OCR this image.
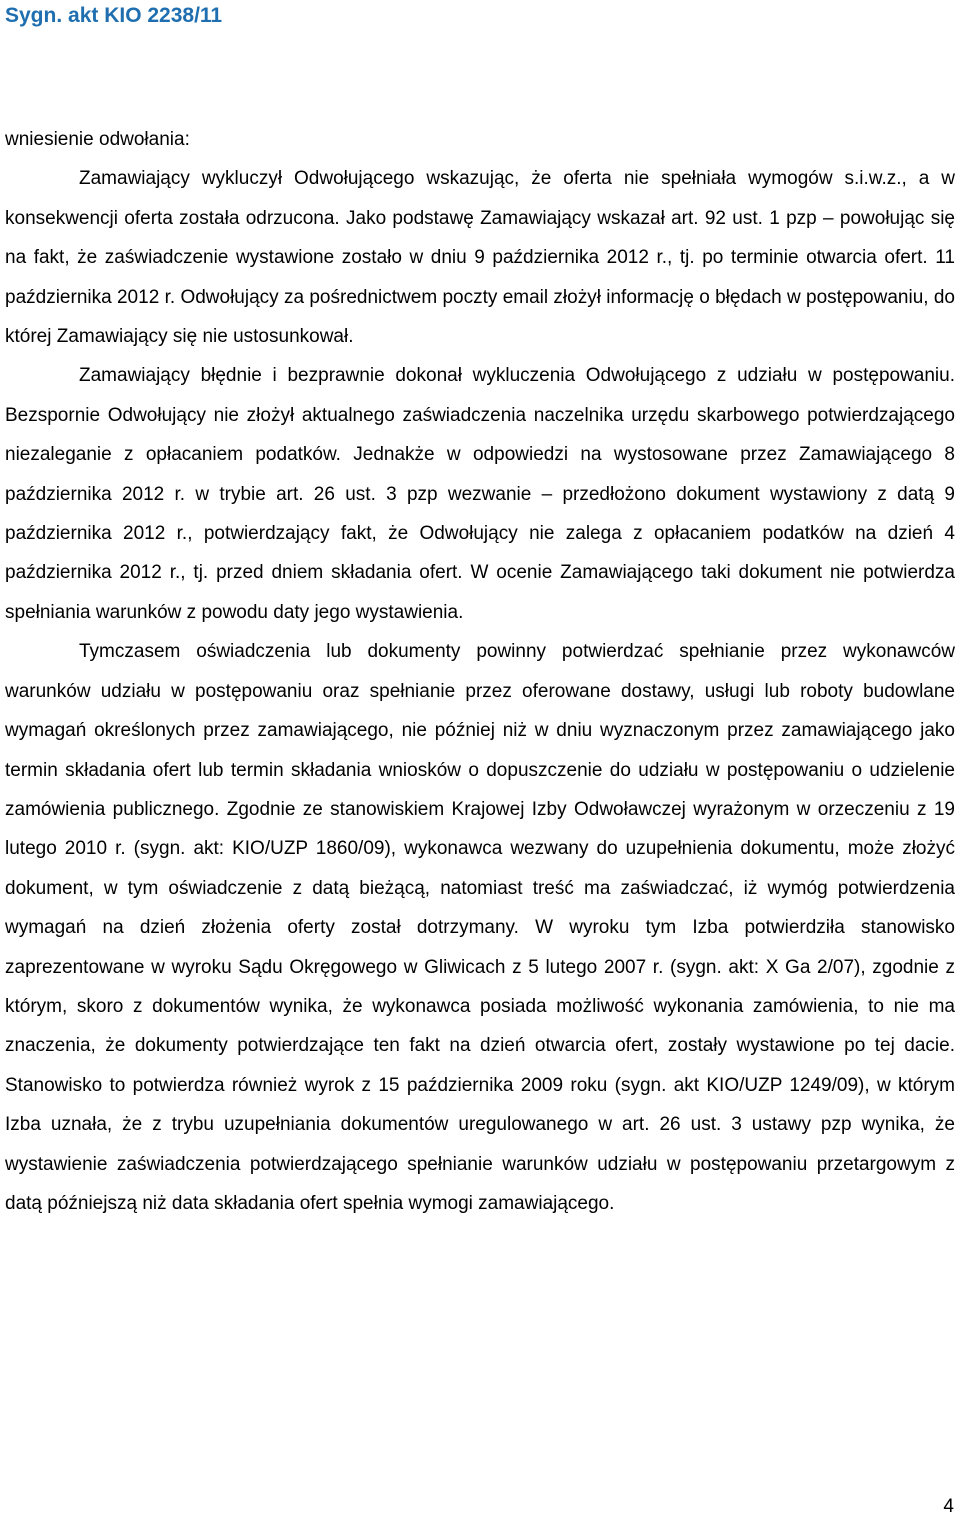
Sygn. akt KIO 2238/11

wniesienie odwołania:

Zamawiający wykluczył Odwołującego wskazując, że oferta nie spełniała wymogów s.i.w.z., a w konsekwencji oferta została odrzucona. Jako podstawę Zamawiający wskazał art. 92 ust. 1 pzp – powołując się na fakt, że zaświadczenie wystawione zostało w dniu 9 października 2012 r., tj. po terminie otwarcia ofert. 11 października 2012 r. Odwołujący za pośrednictwem poczty email złożył informację o błędach w postępowaniu, do której Zamawiający się nie ustosunkował.

Zamawiający błędnie i bezprawnie dokonał wykluczenia Odwołującego z udziału w postępowaniu. Bezspornie Odwołujący nie złożył aktualnego zaświadczenia naczelnika urzędu skarbowego potwierdzającego niezaleganie z opłacaniem podatków. Jednakże w odpowiedzi na wystosowane przez Zamawiającego 8 października 2012 r. w trybie art. 26 ust. 3 pzp wezwanie – przedłożono dokument wystawiony z datą 9 października 2012 r., potwierdzający fakt, że Odwołujący nie zalega z opłacaniem podatków na dzień 4 października 2012 r., tj. przed dniem składania ofert. W ocenie Zamawiającego taki dokument nie potwierdza spełniania warunków z powodu daty jego wystawienia.

Tymczasem oświadczenia lub dokumenty powinny potwierdzać spełnianie przez wykonawców warunków udziału w postępowaniu oraz spełnianie przez oferowane dostawy, usługi lub roboty budowlane wymagań określonych przez zamawiającego, nie później niż w dniu wyznaczonym przez zamawiającego jako termin składania ofert lub termin składania wniosków o dopuszczenie do udziału w postępowaniu o udzielenie zamówienia publicznego. Zgodnie ze stanowiskiem Krajowej Izby Odwoławczej wyrażonym w orzeczeniu z 19 lutego 2010 r. (sygn. akt: KIO/UZP 1860/09), wykonawca wezwany do uzupełnienia dokumentu, może złożyć dokument, w tym oświadczenie z datą bieżącą, natomiast treść ma zaświadczać, iż wymóg potwierdzenia wymagań na dzień złożenia oferty został dotrzymany. W wyroku tym Izba potwierdziła stanowisko zaprezentowane w wyroku Sądu Okręgowego w Gliwicach z 5 lutego 2007 r. (sygn. akt: X Ga 2/07), zgodnie z którym, skoro z dokumentów wynika, że wykonawca posiada możliwość wykonania zamówienia, to nie ma znaczenia, że dokumenty potwierdzające ten fakt na dzień otwarcia ofert, zostały wystawione po tej dacie. Stanowisko to potwierdza również wyrok z 15 października 2009 roku (sygn. akt KIO/UZP 1249/09), w którym Izba uznała, że z trybu uzupełniania dokumentów uregulowanego w art. 26 ust. 3 ustawy pzp wynika, że wystawienie zaświadczenia potwierdzającego spełnianie warunków udziału w postępowaniu przetargowym z datą późniejszą niż data składania ofert spełnia wymogi zamawiającego.

4
